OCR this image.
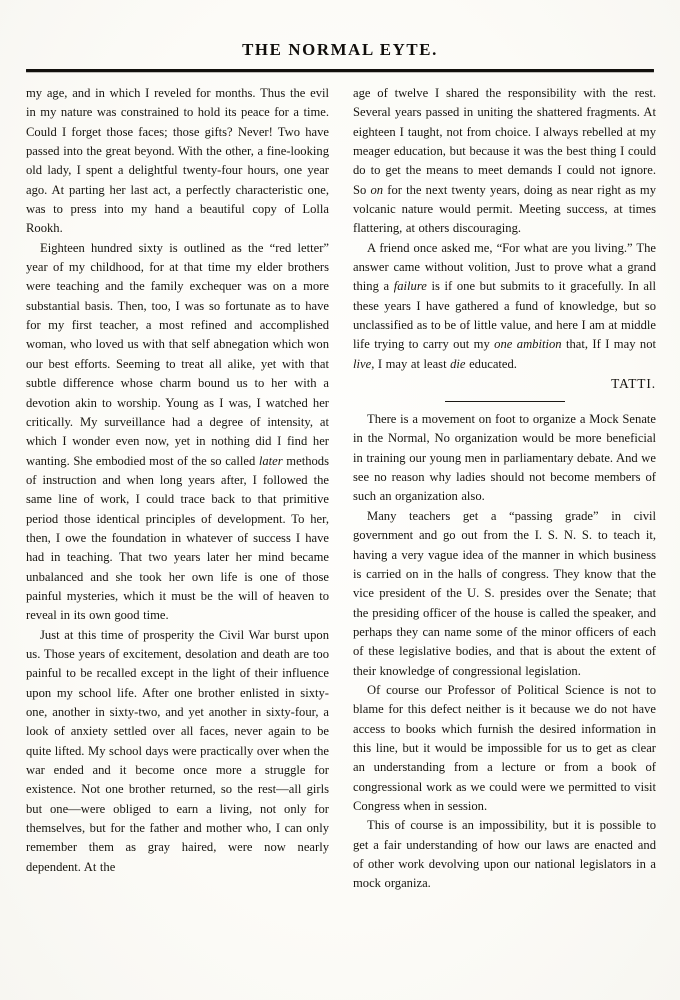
THE NORMAL EYTE.

my age, and in which I reveled for months. Thus the evil in my nature was constrained to hold its peace for a time. Could I forget those faces; those gifts? Never! Two have passed into the great beyond. With the other, a fine-looking old lady, I spent a delightful twenty-four hours, one year ago. At parting her last act, a perfectly characteristic one, was to press into my hand a beautiful copy of Lolla Rookh.

Eighteen hundred sixty is outlined as the “red letter” year of my childhood, for at that time my elder brothers were teaching and the family exchequer was on a more substantial basis. Then, too, I was so fortunate as to have for my first teacher, a most refined and accomplished woman, who loved us with that self abnegation which won our best efforts. Seeming to treat all alike, yet with that subtle difference whose charm bound us to her with a devotion akin to worship. Young as I was, I watched her critically. My surveillance had a degree of intensity, at which I wonder even now, yet in nothing did I find her wanting. She embodied most of the so called later methods of instruction and when long years after, I followed the same line of work, I could trace back to that primitive period those identical principles of development. To her, then, I owe the foundation in whatever of success I have had in teaching. That two years later her mind became unbalanced and she took her own life is one of those painful mysteries, which it must be the will of heaven to reveal in its own good time.

Just at this time of prosperity the Civil War burst upon us. Those years of excitement, desolation and death are too painful to be recalled except in the light of their influence upon my school life. After one brother enlisted in sixty-one, another in sixty-two, and yet another in sixty-four, a look of anxiety settled over all faces, never again to be quite lifted. My school days were practically over when the war ended and it become once more a struggle for existence. Not one brother returned, so the rest—all girls but one—were obliged to earn a living, not only for themselves, but for the father and mother who, I can only remember them as gray haired, were now nearly dependent. At the

age of twelve I shared the responsibility with the rest. Several years passed in uniting the shattered fragments. At eighteen I taught, not from choice. I always rebelled at my meager education, but because it was the best thing I could do to get the means to meet demands I could not ignore. So on for the next twenty years, doing as near right as my volcanic nature would permit. Meeting success, at times flattering, at others discouraging.

A friend once asked me, “For what are you living.” The answer came without volition, Just to prove what a grand thing a failure is if one but submits to it gracefully. In all these years I have gathered a fund of knowledge, but so unclassified as to be of little value, and here I am at middle life trying to carry out my one ambition that, If I may not live, I may at least die educated.

TATTI.

There is a movement on foot to organize a Mock Senate in the Normal, No organization would be more beneficial in training our young men in parliamentary debate. And we see no reason why ladies should not become members of such an organization also.

Many teachers get a “passing grade” in civil government and go out from the I. S. N. S. to teach it, having a very vague idea of the manner in which business is carried on in the halls of congress. They know that the vice president of the U. S. presides over the Senate; that the presiding officer of the house is called the speaker, and perhaps they can name some of the minor officers of each of these legislative bodies, and that is about the extent of their knowledge of congressional legislation.

Of course our Professor of Political Science is not to blame for this defect neither is it because we do not have access to books which furnish the desired information in this line, but it would be impossible for us to get as clear an understanding from a lecture or from a book of congressional work as we could were we permitted to visit Congress when in session.

This of course is an impossibility, but it is possible to get a fair understanding of how our laws are enacted and of other work devolving upon our national legislators in a mock organiza.
